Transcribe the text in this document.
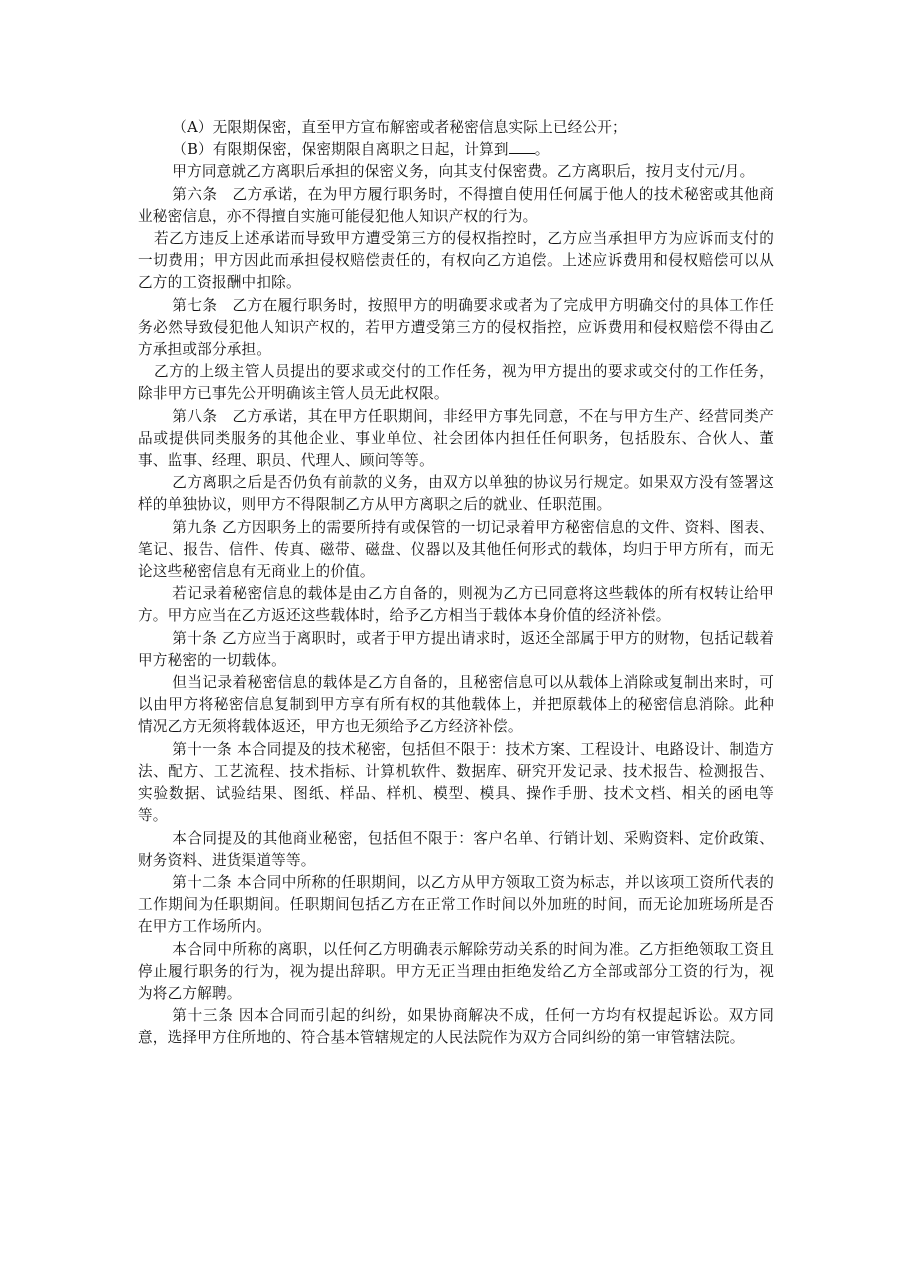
（A）无限期保密，直至甲方宣布解密或者秘密信息实际上已经公开；

（B）有限期保密，保密期限自离职之日起，计算到 。

甲方同意就乙方离职后承担的保密义务，向其支付保密费。乙方离职后，按月支付元/月。

第六条　乙方承诺，在为甲方履行职务时，不得擅自使用任何属于他人的技术秘密或其他商业秘密信息，亦不得擅自实施可能侵犯他人知识产权的行为。

若乙方违反上述承诺而导致甲方遭受第三方的侵权指控时，乙方应当承担甲方为应诉而支付的一切费用；甲方因此而承担侵权赔偿责任的，有权向乙方追偿。上述应诉费用和侵权赔偿可以从乙方的工资报酬中扣除。

第七条　乙方在履行职务时，按照甲方的明确要求或者为了完成甲方明确交付的具体工作任务必然导致侵犯他人知识产权的，若甲方遭受第三方的侵权指控，应诉费用和侵权赔偿不得由乙方承担或部分承担。

乙方的上级主管人员提出的要求或交付的工作任务，视为甲方提出的要求或交付的工作任务，除非甲方已事先公开明确该主管人员无此权限。

第八条　乙方承诺，其在甲方任职期间，非经甲方事先同意，不在与甲方生产、经营同类产品或提供同类服务的其他企业、事业单位、社会团体内担任任何职务，包括股东、合伙人、董事、监事、经理、职员、代理人、顾问等等。

乙方离职之后是否仍负有前款的义务，由双方以单独的协议另行规定。如果双方没有签署这样的单独协议，则甲方不得限制乙方从甲方离职之后的就业、任职范围。

第九条 乙方因职务上的需要所持有或保管的一切记录着甲方秘密信息的文件、资料、图表、笔记、报告、信件、传真、磁带、磁盘、仪器以及其他任何形式的载体，均归于甲方所有，而无论这些秘密信息有无商业上的价值。

若记录着秘密信息的载体是由乙方自备的，则视为乙方已同意将这些载体的所有权转让给甲方。甲方应当在乙方返还这些载体时，给予乙方相当于载体本身价值的经济补偿。

第十条 乙方应当于离职时，或者于甲方提出请求时，返还全部属于甲方的财物，包括记载着甲方秘密的一切载体。

但当记录着秘密信息的载体是乙方自备的，且秘密信息可以从载体上消除或复制出来时，可以由甲方将秘密信息复制到甲方享有所有权的其他载体上，并把原载体上的秘密信息消除。此种情况乙方无须将载体返还，甲方也无须给予乙方经济补偿。

第十一条 本合同提及的技术秘密，包括但不限于：技术方案、工程设计、电路设计、制造方法、配方、工艺流程、技术指标、计算机软件、数据库、研究开发记录、技术报告、检测报告、实验数据、试验结果、图纸、样品、样机、模型、模具、操作手册、技术文档、相关的函电等等。

本合同提及的其他商业秘密，包括但不限于：客户名单、行销计划、采购资料、定价政策、财务资料、进货渠道等等。

第十二条 本合同中所称的任职期间，以乙方从甲方领取工资为标志，并以该项工资所代表的工作期间为任职期间。任职期间包括乙方在正常工作时间以外加班的时间，而无论加班场所是否在甲方工作场所内。

本合同中所称的离职，以任何乙方明确表示解除劳动关系的时间为准。乙方拒绝领取工资且停止履行职务的行为，视为提出辞职。甲方无正当理由拒绝发给乙方全部或部分工资的行为，视为将乙方解聘。

第十三条 因本合同而引起的纠纷，如果协商解决不成，任何一方均有权提起诉讼。双方同意，选择甲方住所地的、符合基本管辖规定的人民法院作为双方合同纠纷的第一审管辖法院。
